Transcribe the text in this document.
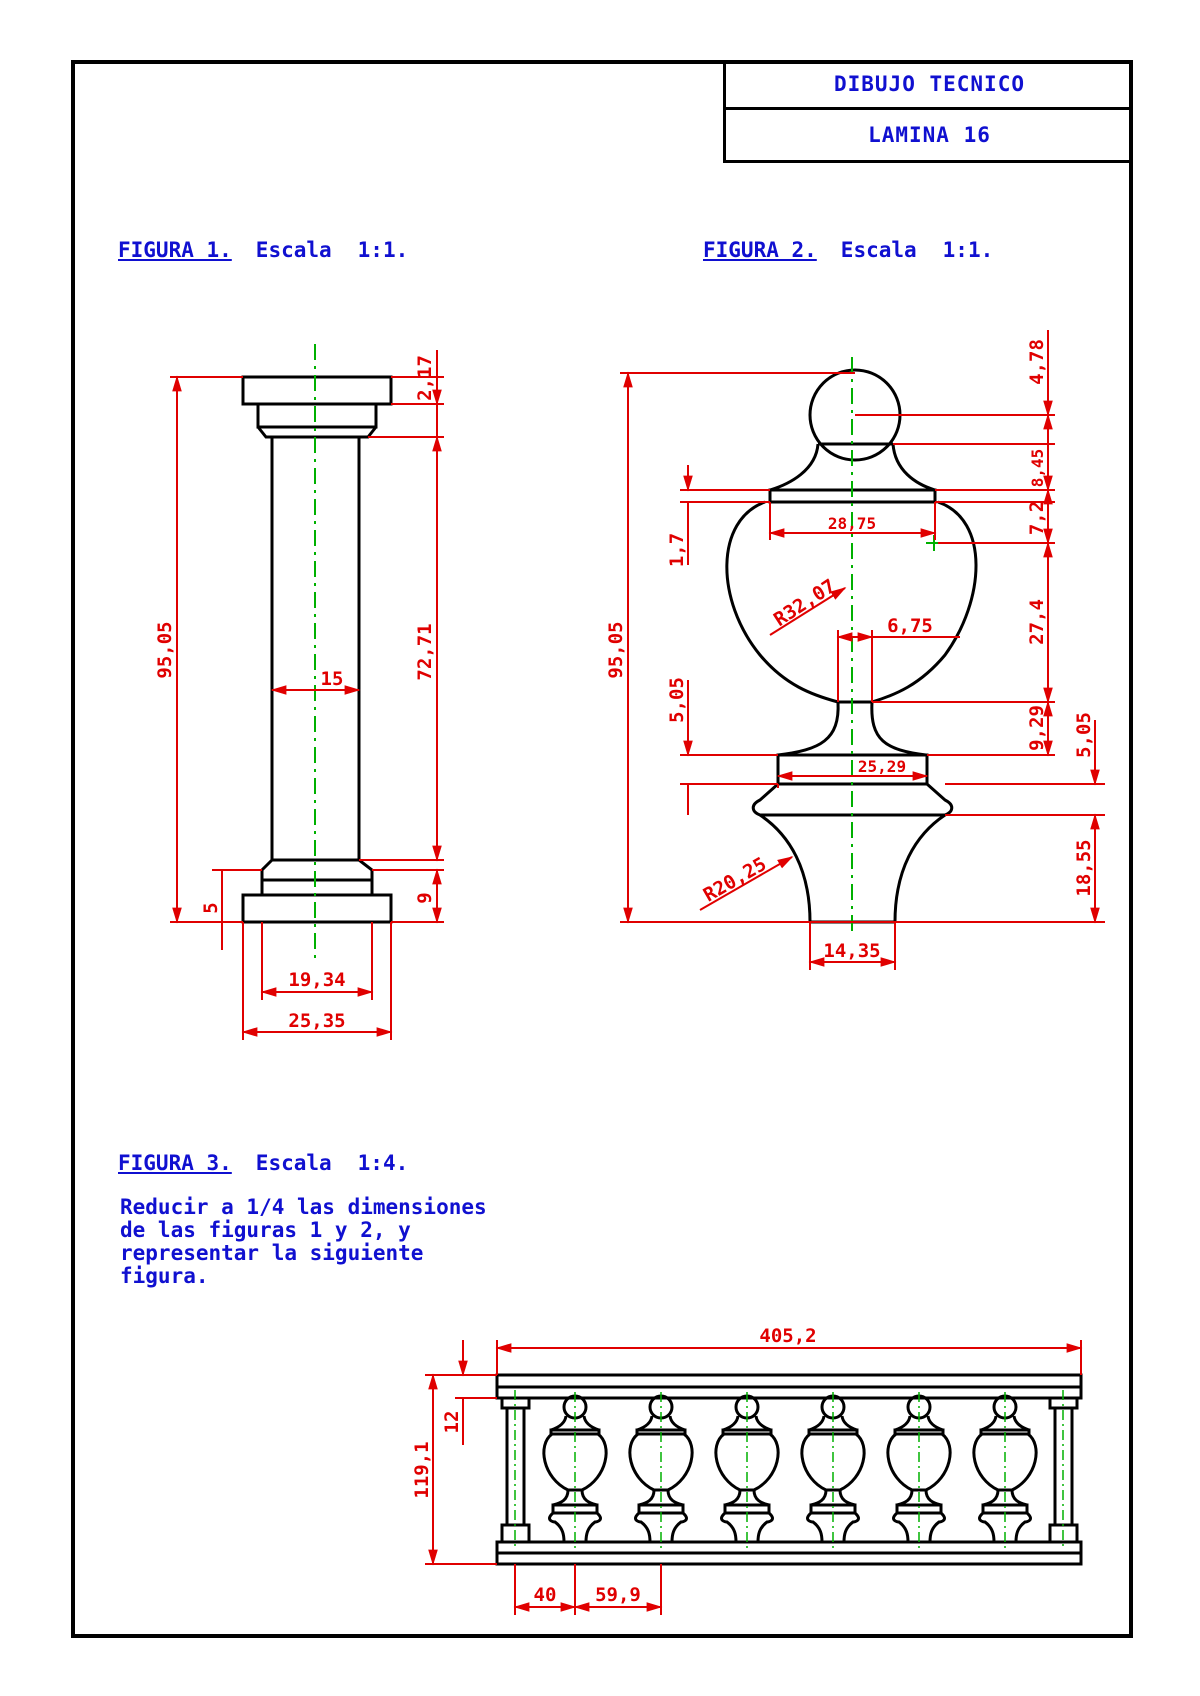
DIBUJO TECNICO
LAMINA 16
FIGURA 1. Escala 1:1.	FIGURA 2. Escala 1:1.
FIGURA 3. Escala 1:4.
Reducir a 1/4 las dimensiones
de las figuras 1 y 2, y
representar la siguiente
figura.
95,05
2,17
72,71
15
5
9
19,34
25,35
4,78
8,45
7,2
27,4
9,29 5,05
18,55
1,7
5,05
95,05
28,75
25,29
6,75
R32,07
R20,25
14,35
405,2
119,1
12
40 59,9
